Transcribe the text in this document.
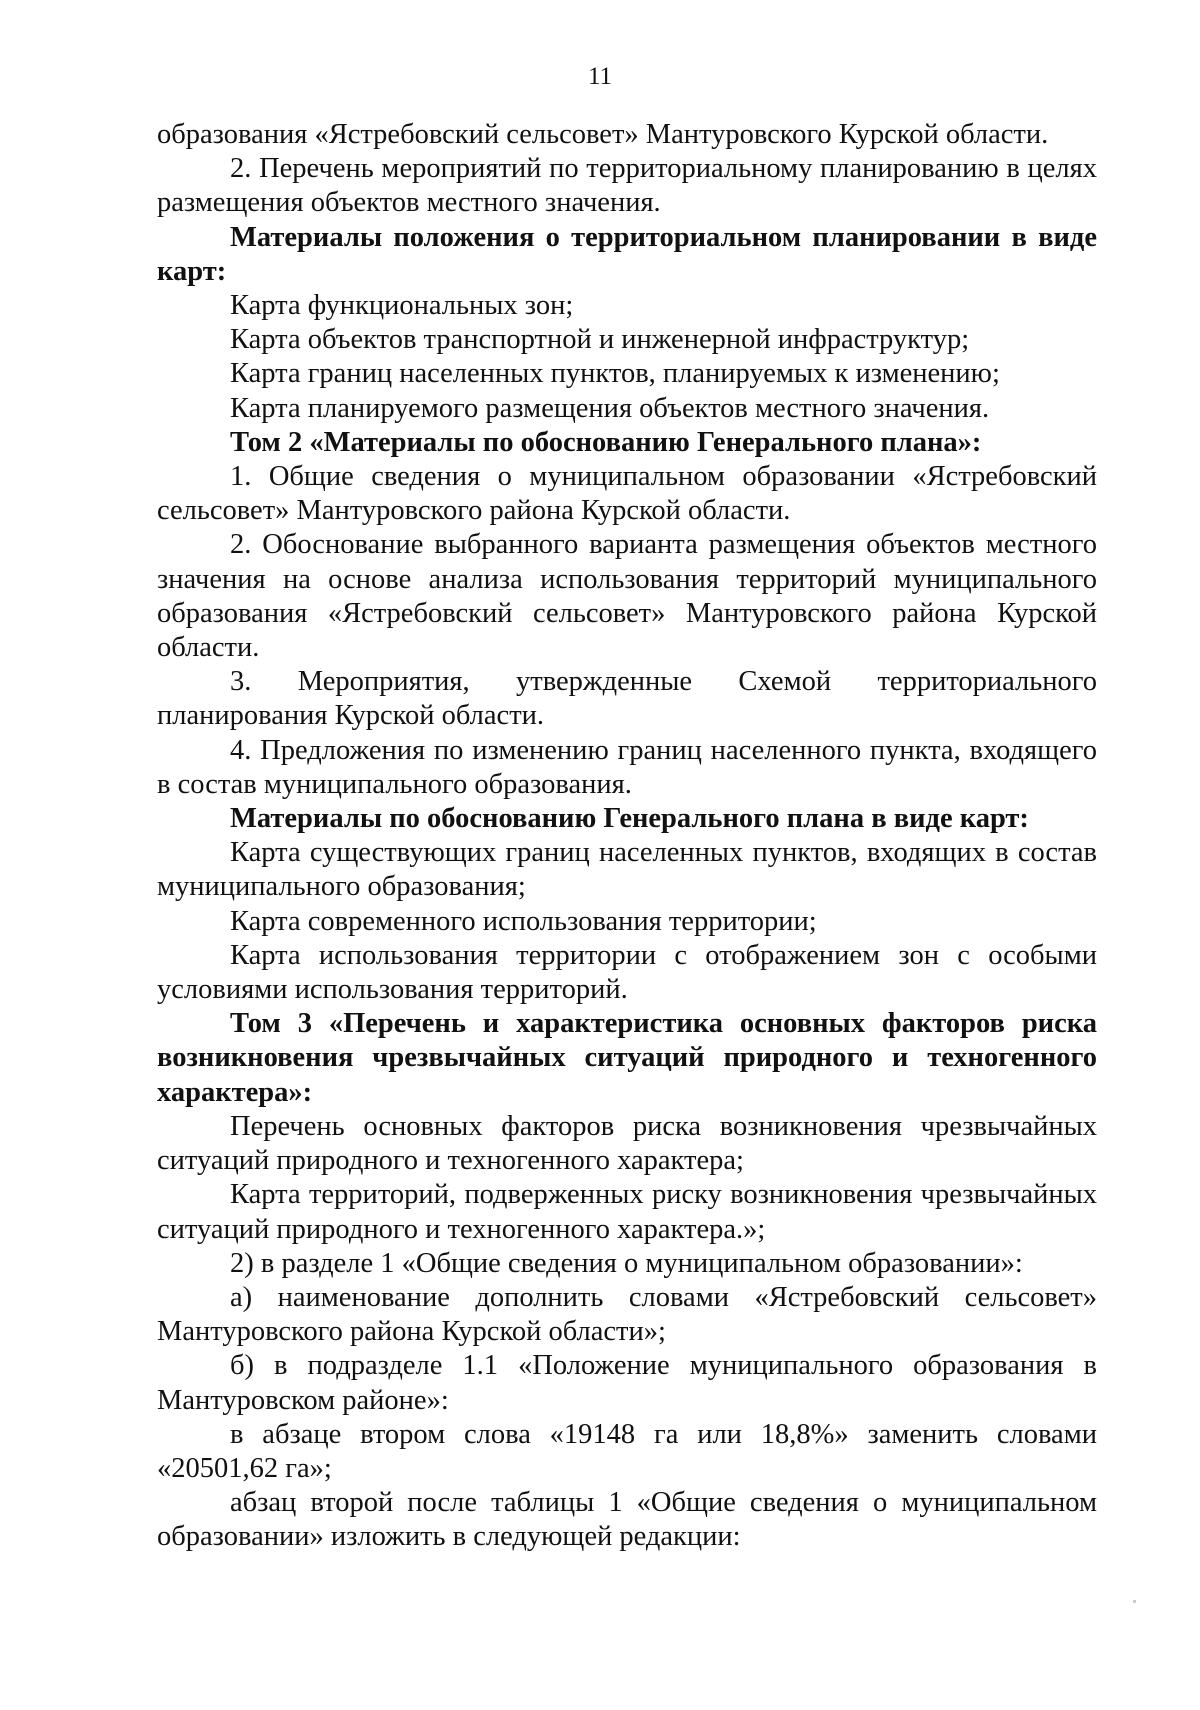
11

образования «Ястребовский сельсовет» Мантуровского Курской области.

2. Перечень мероприятий по территориальному планированию в целях размещения объектов местного значения.

Материалы положения о территориальном планировании в виде карт:

Карта функциональных зон;

Карта объектов транспортной и инженерной инфраструктур;

Карта границ населенных пунктов, планируемых к изменению;

Карта планируемого размещения объектов местного значения.

Том 2 «Материалы по обоснованию Генерального плана»:

1. Общие сведения о муниципальном образовании «Ястребовский сельсовет» Мантуровского района Курской области.

2. Обоснование выбранного варианта размещения объектов местного значения на основе анализа использования территорий муниципального образования «Ястребовский сельсовет» Мантуровского района Курской области.

3. Мероприятия, утвержденные Схемой территориального планирования Курской области.

4. Предложения по изменению границ населенного пункта, входящего в состав муниципального образования.

Материалы по обоснованию Генерального плана в виде карт:

Карта существующих границ населенных пунктов, входящих в состав муниципального образования;

Карта современного использования территории;

Карта использования территории с отображением зон с особыми условиями использования территорий.

Том 3 «Перечень и характеристика основных факторов риска возникновения чрезвычайных ситуаций природного и техногенного характера»:

Перечень основных факторов риска возникновения чрезвычайных ситуаций природного и техногенного характера;

Карта территорий, подверженных риску возникновения чрезвычайных ситуаций природного и техногенного характера.»;

2) в разделе 1 «Общие сведения о муниципальном образовании»:

а) наименование дополнить словами «Ястребовский сельсовет» Мантуровского района Курской области»;

б) в подразделе 1.1 «Положение муниципального образования в Мантуровском районе»:

в абзаце втором слова «19148 га или 18,8%» заменить словами «20501,62 га»;

абзац второй после таблицы 1 «Общие сведения о муниципальном образовании» изложить в следующей редакции:
